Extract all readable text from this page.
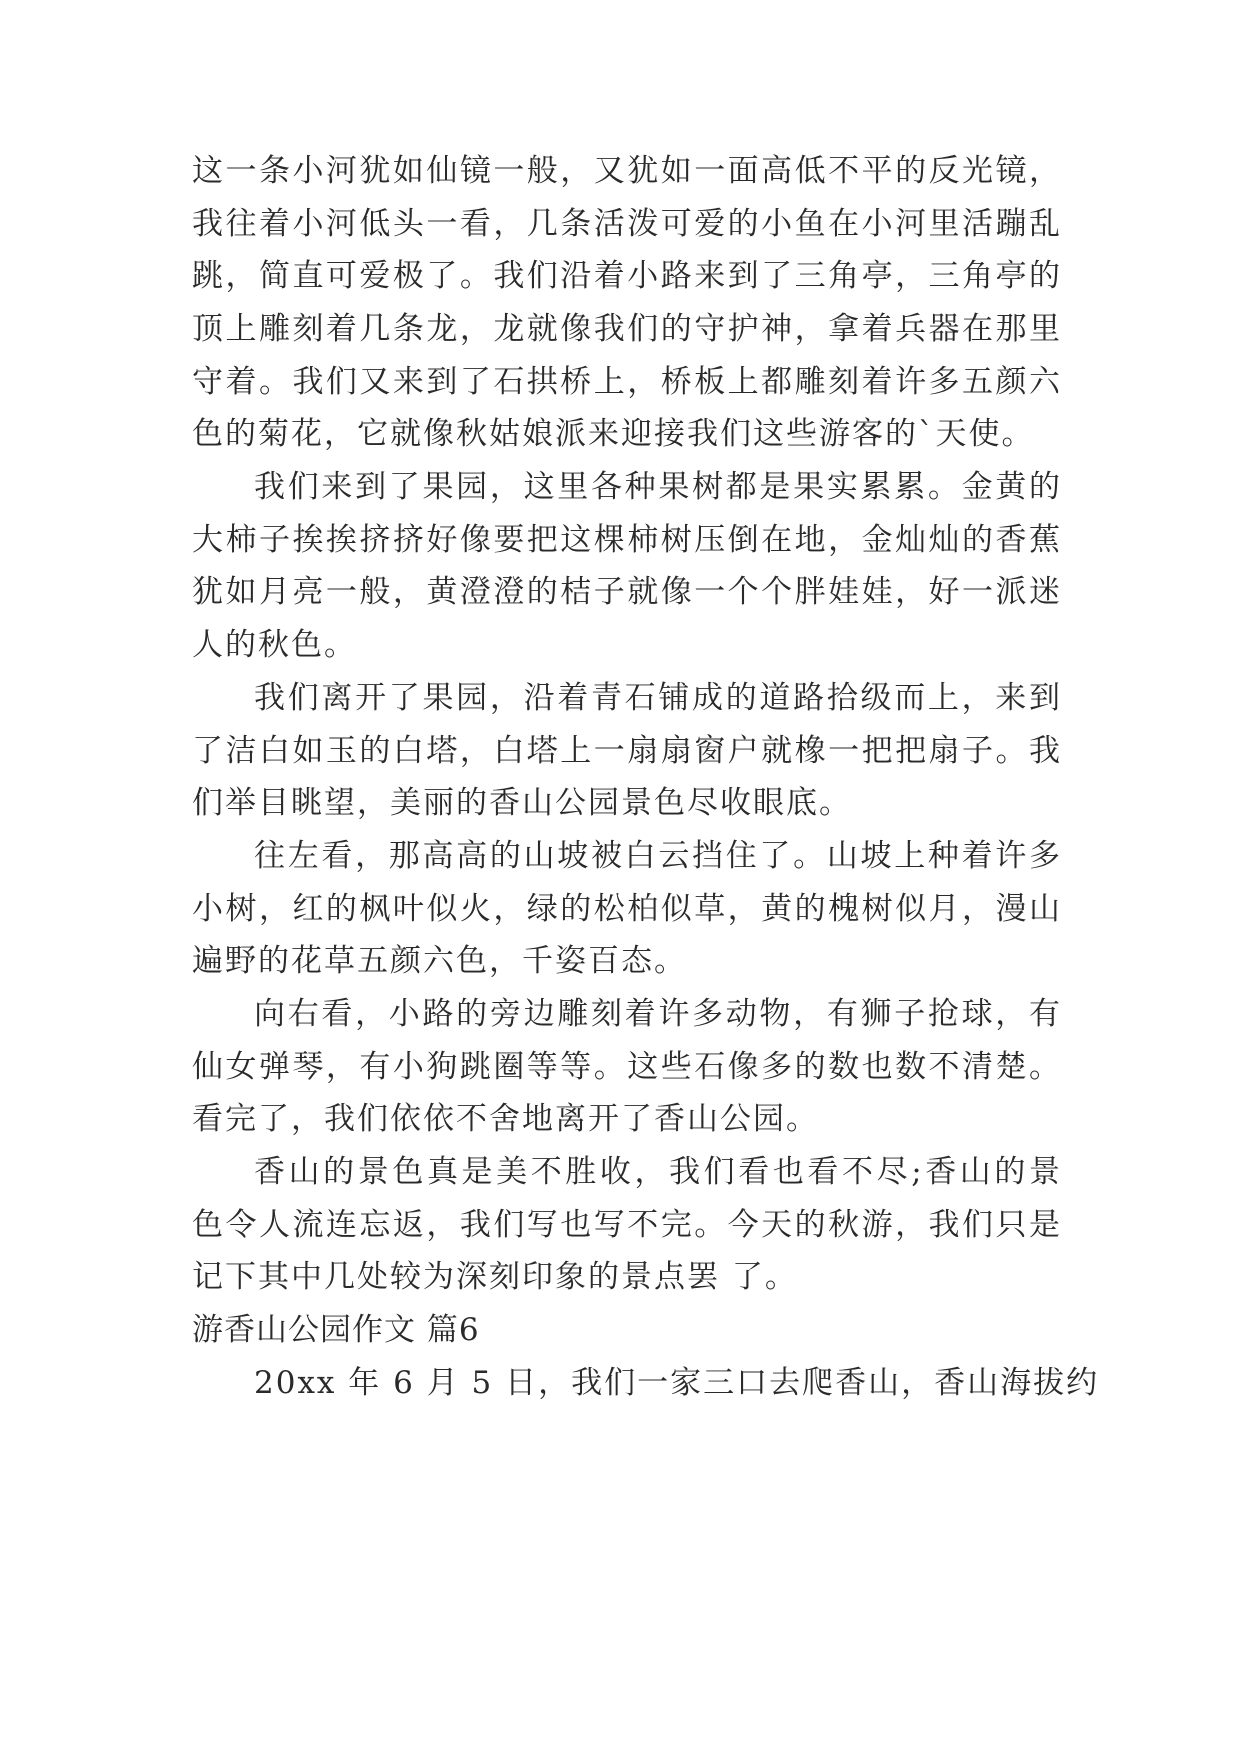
这一条小河犹如仙镜一般，又犹如一面高低不平的反光镜，
我往着小河低头一看，几条活泼可爱的小鱼在小河里活蹦乱
跳，简直可爱极了。我们沿着小路来到了三角亭，三角亭的
顶上雕刻着几条龙，龙就像我们的守护神，拿着兵器在那里
守着。我们又来到了石拱桥上，桥板上都雕刻着许多五颜六
色的菊花，它就像秋姑娘派来迎接我们这些游客的`天使。
我们来到了果园，这里各种果树都是果实累累。金黄的
大柿子挨挨挤挤好像要把这棵柿树压倒在地，金灿灿的香蕉
犹如月亮一般，黄澄澄的桔子就像一个个胖娃娃，好一派迷
人的秋色。
我们离开了果园，沿着青石铺成的道路拾级而上，来到
了洁白如玉的白塔，白塔上一扇扇窗户就橡一把把扇子。我
们举目眺望，美丽的香山公园景色尽收眼底。
往左看，那高高的山坡被白云挡住了。山坡上种着许多
小树，红的枫叶似火，绿的松柏似草，黄的槐树似月，漫山
遍野的花草五颜六色，千姿百态。
向右看，小路的旁边雕刻着许多动物，有狮子抢球，有
仙女弹琴，有小狗跳圈等等。这些石像多的数也数不清楚。
看完了，我们依依不舍地离开了香山公园。
香山的景色真是美不胜收，我们看也看不尽;香山的景
色令人流连忘返，我们写也写不完。今天的秋游，我们只是
记下其中几处较为深刻印象的景点罢 了。
游香山公园作文 篇6
20xx 年 6 月 5 日，我们一家三口去爬香山，香山海拔约
